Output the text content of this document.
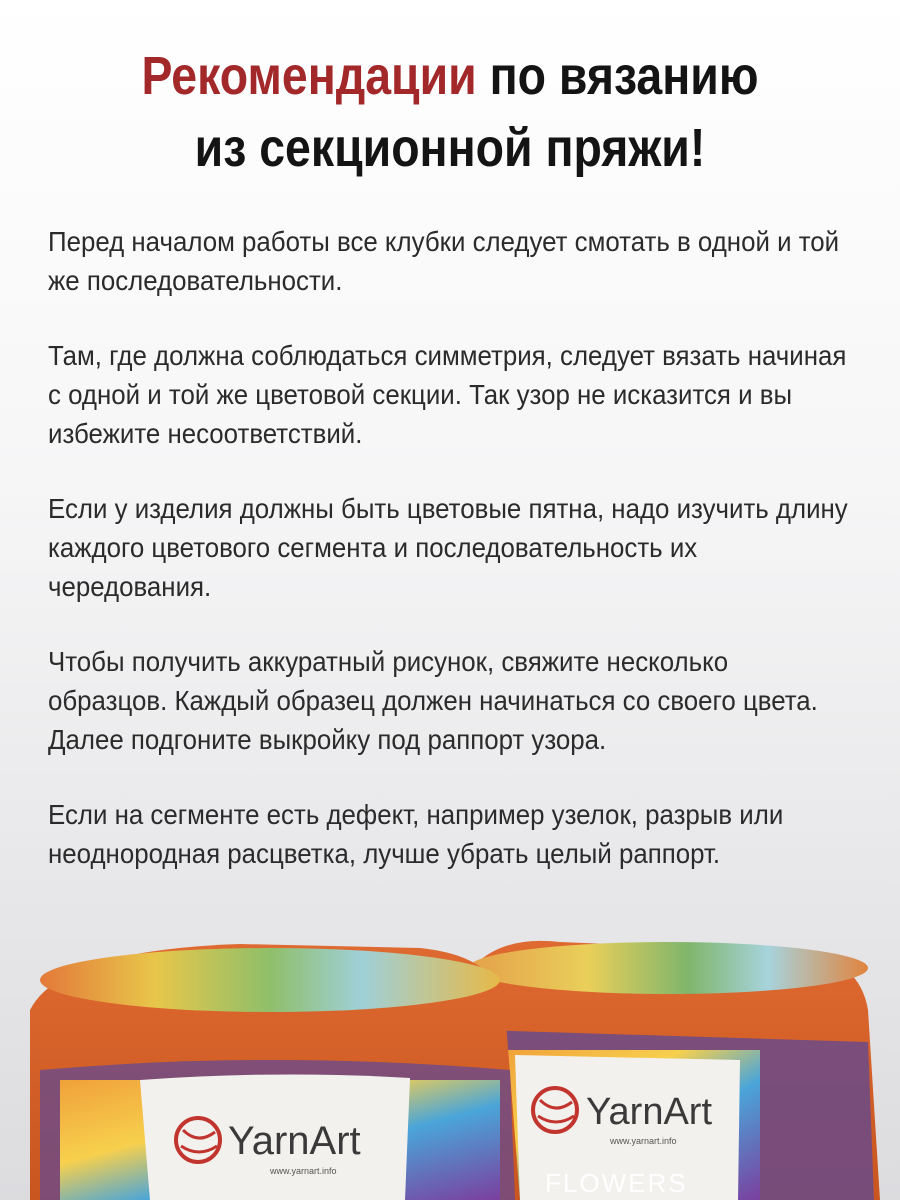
Рекомендации по вязанию
из секционной пряжи!

Перед началом работы все клубки следует смотать в одной и той же последовательности.

Там, где должна соблюдаться симметрия, следует вязать начиная с одной и той же цветовой секции. Так узор не исказится и вы избежите несоответствий.

Если у изделия должны быть цветовые пятна, надо изучить длину каждого цветового сегмента и последовательность их чередования.

Чтобы получить аккуратный рисунок, свяжите несколько образцов. Каждый образец должен начинаться со своего цвета. Далее подгоните выкройку под раппорт узора.

Если на сегменте есть дефект, например узелок, разрыв или неоднородная расцветка, лучше убрать целый раппорт.

YarnArt
www.yarnart.info
FLOWERS
YarnArt
www.yarnart.info
